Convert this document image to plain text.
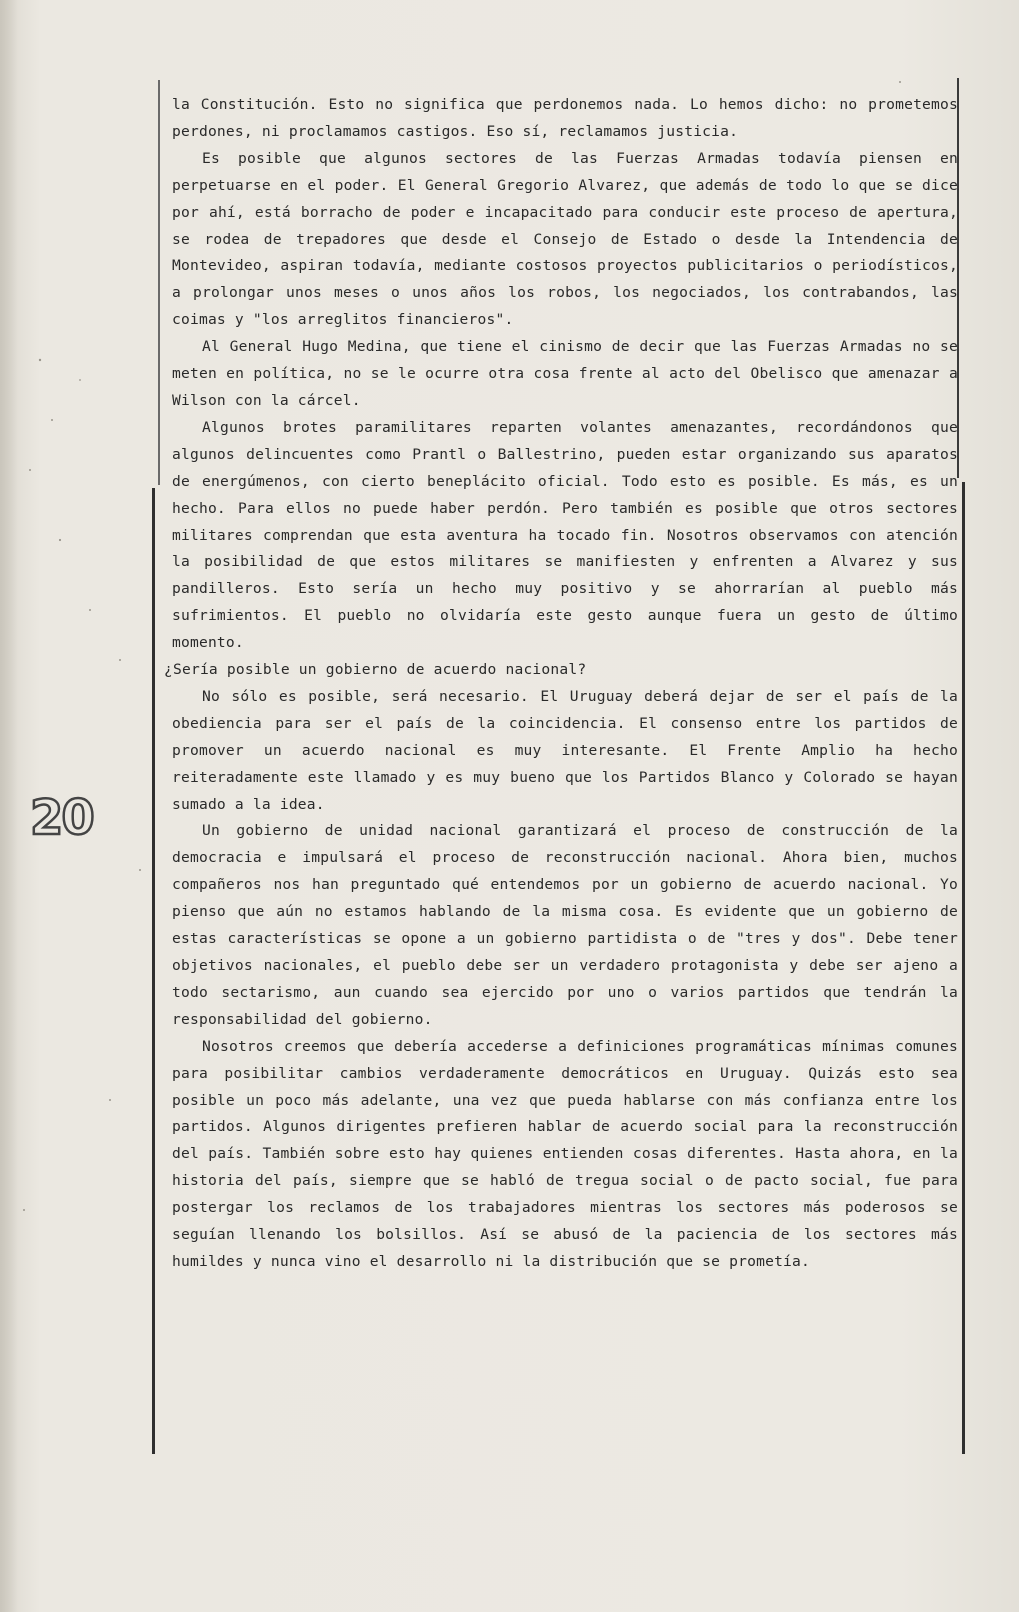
20

la Constitución. Esto no significa que perdonemos nada. Lo hemos dicho: no prometemos perdones, ni proclamamos castigos. Eso sí, reclamamos justicia.

Es posible que algunos sectores de las Fuerzas Armadas todavía piensen en perpetuarse en el poder. El General Gregorio Alvarez, que además de todo lo que se dice por ahí, está borracho de poder e incapacitado para conducir este proceso de apertura, se rodea de trepadores que desde el Consejo de Estado o desde la Intendencia de Montevideo, aspiran todavía, mediante costosos proyectos publicitarios o periodísticos, a prolongar unos meses o unos años los robos, los negociados, los contrabandos, las coimas y "los arreglitos financieros".

Al General Hugo Medina, que tiene el cinismo de decir que las Fuerzas Armadas no se meten en política, no se le ocurre otra cosa frente al acto del Obelisco que amenazar a Wilson con la cárcel.

Algunos brotes paramilitares reparten volantes amenazantes, recordándonos que algunos delincuentes como Prantl o Ballestrino, pueden estar organizando sus aparatos de energúmenos, con cierto beneplácito oficial. Todo esto es posible. Es más, es un hecho. Para ellos no puede haber perdón. Pero también es posible que otros sectores militares comprendan que esta aventura ha tocado fin. Nosotros observamos con atención la posibilidad de que estos militares se manifiesten y enfrenten a Alvarez y sus pandilleros. Esto sería un hecho muy positivo y se ahorrarían al pueblo más sufrimientos. El pueblo no olvidaría este gesto aunque fuera un gesto de último momento.

¿Sería posible un gobierno de acuerdo nacional?

No sólo es posible, será necesario. El Uruguay deberá dejar de ser el país de la obediencia para ser el país de la coincidencia. El consenso entre los partidos de promover un acuerdo nacional es muy interesante. El Frente Amplio ha hecho reiteradamente este llamado y es muy bueno que los Partidos Blanco y Colorado se hayan sumado a la idea.

Un gobierno de unidad nacional garantizará el proceso de construcción de la democracia e impulsará el proceso de reconstrucción nacional. Ahora bien, muchos compañeros nos han preguntado qué entendemos por un gobierno de acuerdo nacional. Yo pienso que aún no estamos hablando de la misma cosa. Es evidente que un gobierno de estas características se opone a un gobierno partidista o de "tres y dos". Debe tener objetivos nacionales, el pueblo debe ser un verdadero protagonista y debe ser ajeno a todo sectarismo, aun cuando sea ejercido por uno o varios partidos que tendrán la responsabilidad del gobierno.

Nosotros creemos que debería accederse a definiciones programáticas mínimas comunes para posibilitar cambios verdaderamente democráticos en Uruguay. Quizás esto sea posible un poco más adelante, una vez que pueda hablarse con más confianza entre los partidos. Algunos dirigentes prefieren hablar de acuerdo social para la reconstrucción del país. También sobre esto hay quienes entienden cosas diferentes. Hasta ahora, en la historia del país, siempre que se habló de tregua social o de pacto social, fue para postergar los reclamos de los trabajadores mientras los sectores más poderosos se seguían llenando los bolsillos. Así se abusó de la paciencia de los sectores más humildes y nunca vino el desarrollo ni la distribución que se prometía.
